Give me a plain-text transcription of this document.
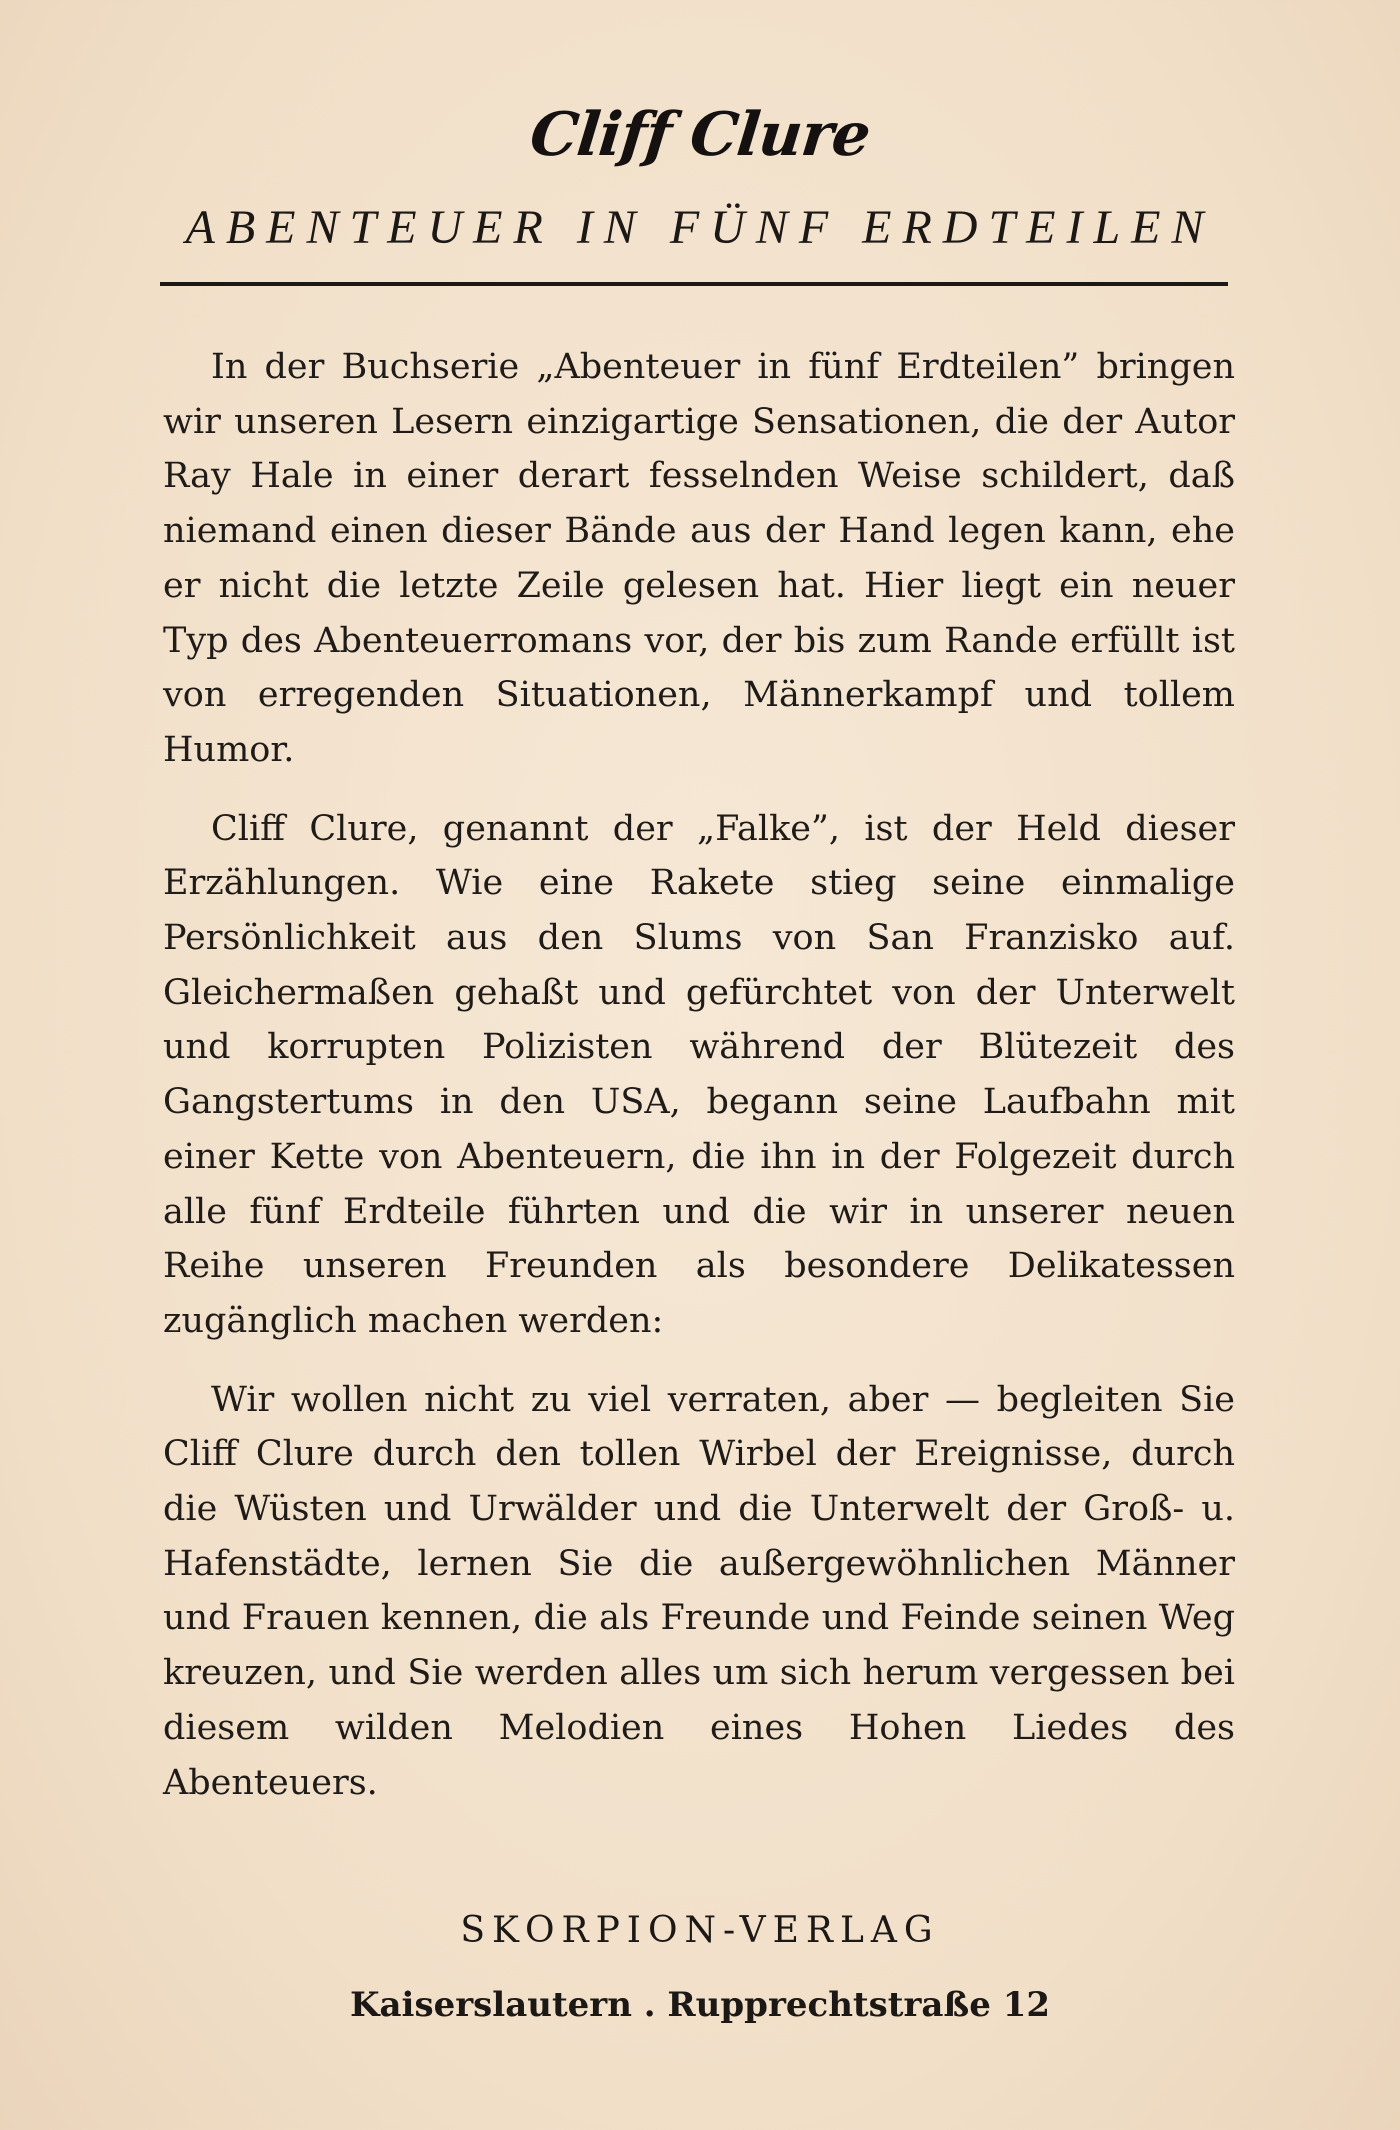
Cliff Clure
ABENTEUER IN FÜNF ERDTEILEN

In der Buchserie „Abenteuer in fünf Erdteilen” bringen wir unseren Lesern einzigartige Sensationen, die der Autor Ray Hale in einer derart fesselnden Weise schildert, daß niemand einen dieser Bände aus der Hand legen kann, ehe er nicht die letzte Zeile gelesen hat. Hier liegt ein neuer Typ des Abenteuerromans vor, der bis zum Rande erfüllt ist von erregenden Situationen, Männerkampf und tollem Humor.

Cliff Clure, genannt der „Falke”, ist der Held dieser Erzählungen. Wie eine Rakete stieg seine einmalige Persönlichkeit aus den Slums von San Franzisko auf. Gleichermaßen gehaßt und gefürchtet von der Unterwelt und korrupten Polizisten während der Blütezeit des Gangstertums in den USA, begann seine Laufbahn mit einer Kette von Abenteuern, die ihn in der Folgezeit durch alle fünf Erdteile führten und die wir in unserer neuen Reihe unseren Freunden als besondere Delikatessen zugänglich machen werden:

Wir wollen nicht zu viel verraten, aber — begleiten Sie Cliff Clure durch den tollen Wirbel der Ereignisse, durch die Wüsten und Urwälder und die Unterwelt der Groß- u. Hafenstädte, lernen Sie die außergewöhnlichen Männer und Frauen kennen, die als Freunde und Feinde seinen Weg kreuzen, und Sie werden alles um sich herum vergessen bei diesem wilden Melodien eines Hohen Liedes des Abenteuers.

SKORPION-VERLAG
Kaiserslautern . Rupprechtstraße 12
